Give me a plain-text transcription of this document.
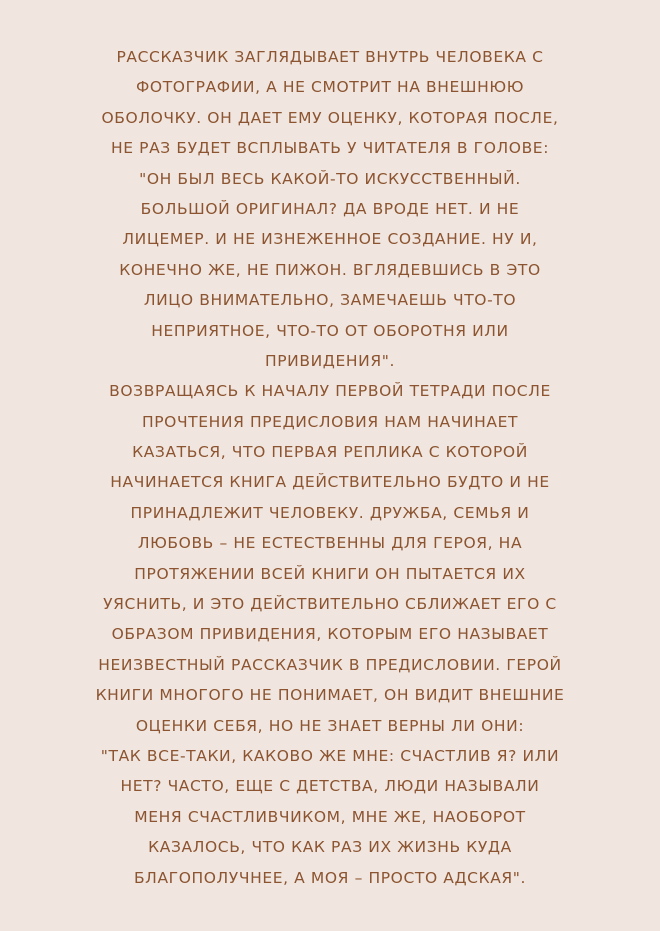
РАССКАЗЧИК ЗАГЛЯДЫВАЕТ ВНУТРЬ ЧЕЛОВЕКА С
ФОТОГРАФИИ, А НЕ СМОТРИТ НА ВНЕШНЮЮ
ОБОЛОЧКУ. ОН ДАЕТ ЕМУ ОЦЕНКУ, КОТОРАЯ ПОСЛЕ,
НЕ РАЗ БУДЕТ ВСПЛЫВАТЬ У ЧИТАТЕЛЯ В ГОЛОВЕ:
"ОН БЫЛ ВЕСЬ КАКОЙ-ТО ИСКУССТВЕННЫЙ.
БОЛЬШОЙ ОРИГИНАЛ? ДА ВРОДЕ НЕТ. И НЕ
ЛИЦЕМЕР. И НЕ ИЗНЕЖЕННОЕ СОЗДАНИЕ. НУ И,
КОНЕЧНО ЖЕ, НЕ ПИЖОН. ВГЛЯДЕВШИСЬ В ЭТО
ЛИЦО ВНИМАТЕЛЬНО, ЗАМЕЧАЕШЬ ЧТО-ТО
НЕПРИЯТНОЕ, ЧТО-ТО ОТ ОБОРОТНЯ ИЛИ
ПРИВИДЕНИЯ".
ВОЗВРАЩАЯСЬ К НАЧАЛУ ПЕРВОЙ ТЕТРАДИ ПОСЛЕ
ПРОЧТЕНИЯ ПРЕДИСЛОВИЯ НАМ НАЧИНАЕТ
КАЗАТЬСЯ, ЧТО ПЕРВАЯ РЕПЛИКА С КОТОРОЙ
НАЧИНАЕТСЯ КНИГА ДЕЙСТВИТЕЛЬНО БУДТО И НЕ
ПРИНАДЛЕЖИТ ЧЕЛОВЕКУ. ДРУЖБА, СЕМЬЯ И
ЛЮБОВЬ – НЕ ЕСТЕСТВЕННЫ ДЛЯ ГЕРОЯ, НА
ПРОТЯЖЕНИИ ВСЕЙ КНИГИ ОН ПЫТАЕТСЯ ИХ
УЯСНИТЬ, И ЭТО ДЕЙСТВИТЕЛЬНО СБЛИЖАЕТ ЕГО С
ОБРАЗОМ ПРИВИДЕНИЯ, КОТОРЫМ ЕГО НАЗЫВАЕТ
НЕИЗВЕСТНЫЙ РАССКАЗЧИК В ПРЕДИСЛОВИИ. ГЕРОЙ
КНИГИ МНОГОГО НЕ ПОНИМАЕТ, ОН ВИДИТ ВНЕШНИЕ
ОЦЕНКИ СЕБЯ, НО НЕ ЗНАЕТ ВЕРНЫ ЛИ ОНИ:
"ТАК ВСЕ-ТАКИ, КАКОВО ЖЕ МНЕ: СЧАСТЛИВ Я? ИЛИ
НЕТ? ЧАСТО, ЕЩЕ С ДЕТСТВА, ЛЮДИ НАЗЫВАЛИ
МЕНЯ СЧАСТЛИВЧИКОМ, МНЕ ЖЕ, НАОБОРОТ
КАЗАЛОСЬ, ЧТО КАК РАЗ ИХ ЖИЗНЬ КУДА
БЛАГОПОЛУЧНЕЕ, А МОЯ – ПРОСТО АДСКАЯ".
